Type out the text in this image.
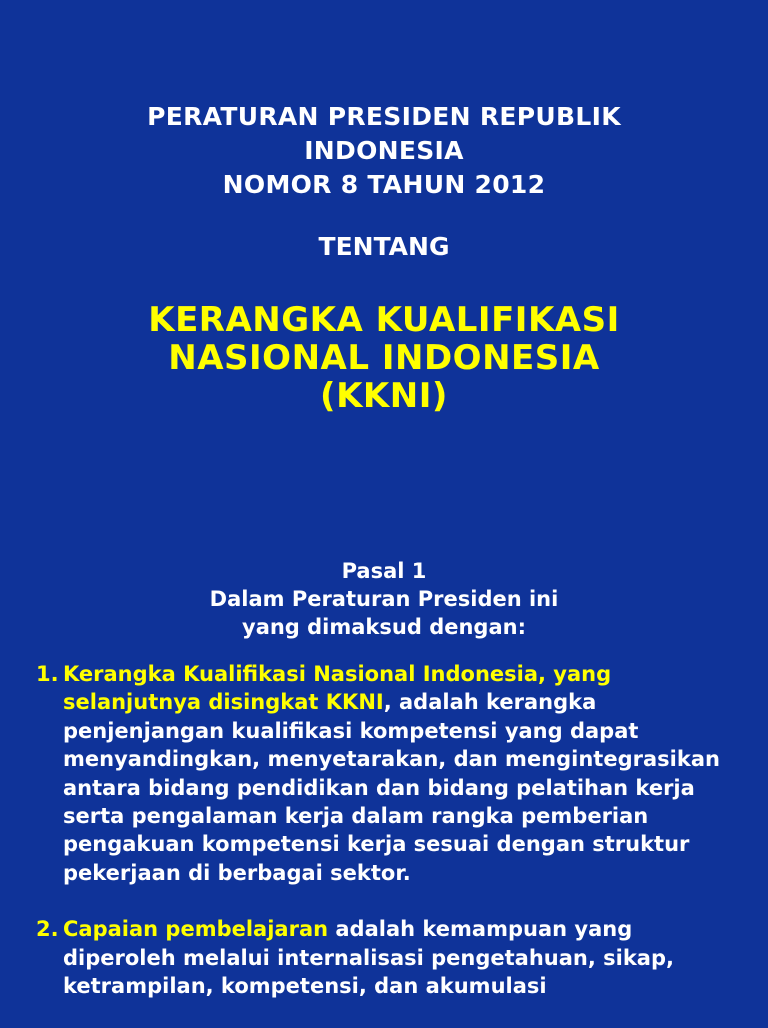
PERATURAN PRESIDEN REPUBLIK
INDONESIA
NOMOR 8 TAHUN 2012
TENTANG
KERANGKA KUALIFIKASI
NASIONAL INDONESIA
(KKNI)
Pasal 1
Dalam Peraturan Presiden ini
yang dimaksud dengan:
1. Kerangka Kualifikasi Nasional Indonesia, yang selanjutnya disingkat KKNI, adalah kerangka penjenjangan kualifikasi kompetensi yang dapat menyandingkan, menyetarakan, dan mengintegrasikan antara bidang pendidikan dan bidang pelatihan kerja serta pengalaman kerja dalam rangka pemberian pengakuan kompetensi kerja sesuai dengan struktur pekerjaan di berbagai sektor.
2. Capaian pembelajaran adalah kemampuan yang diperoleh melalui internalisasi pengetahuan, sikap, ketrampilan, kompetensi, dan akumulasi
